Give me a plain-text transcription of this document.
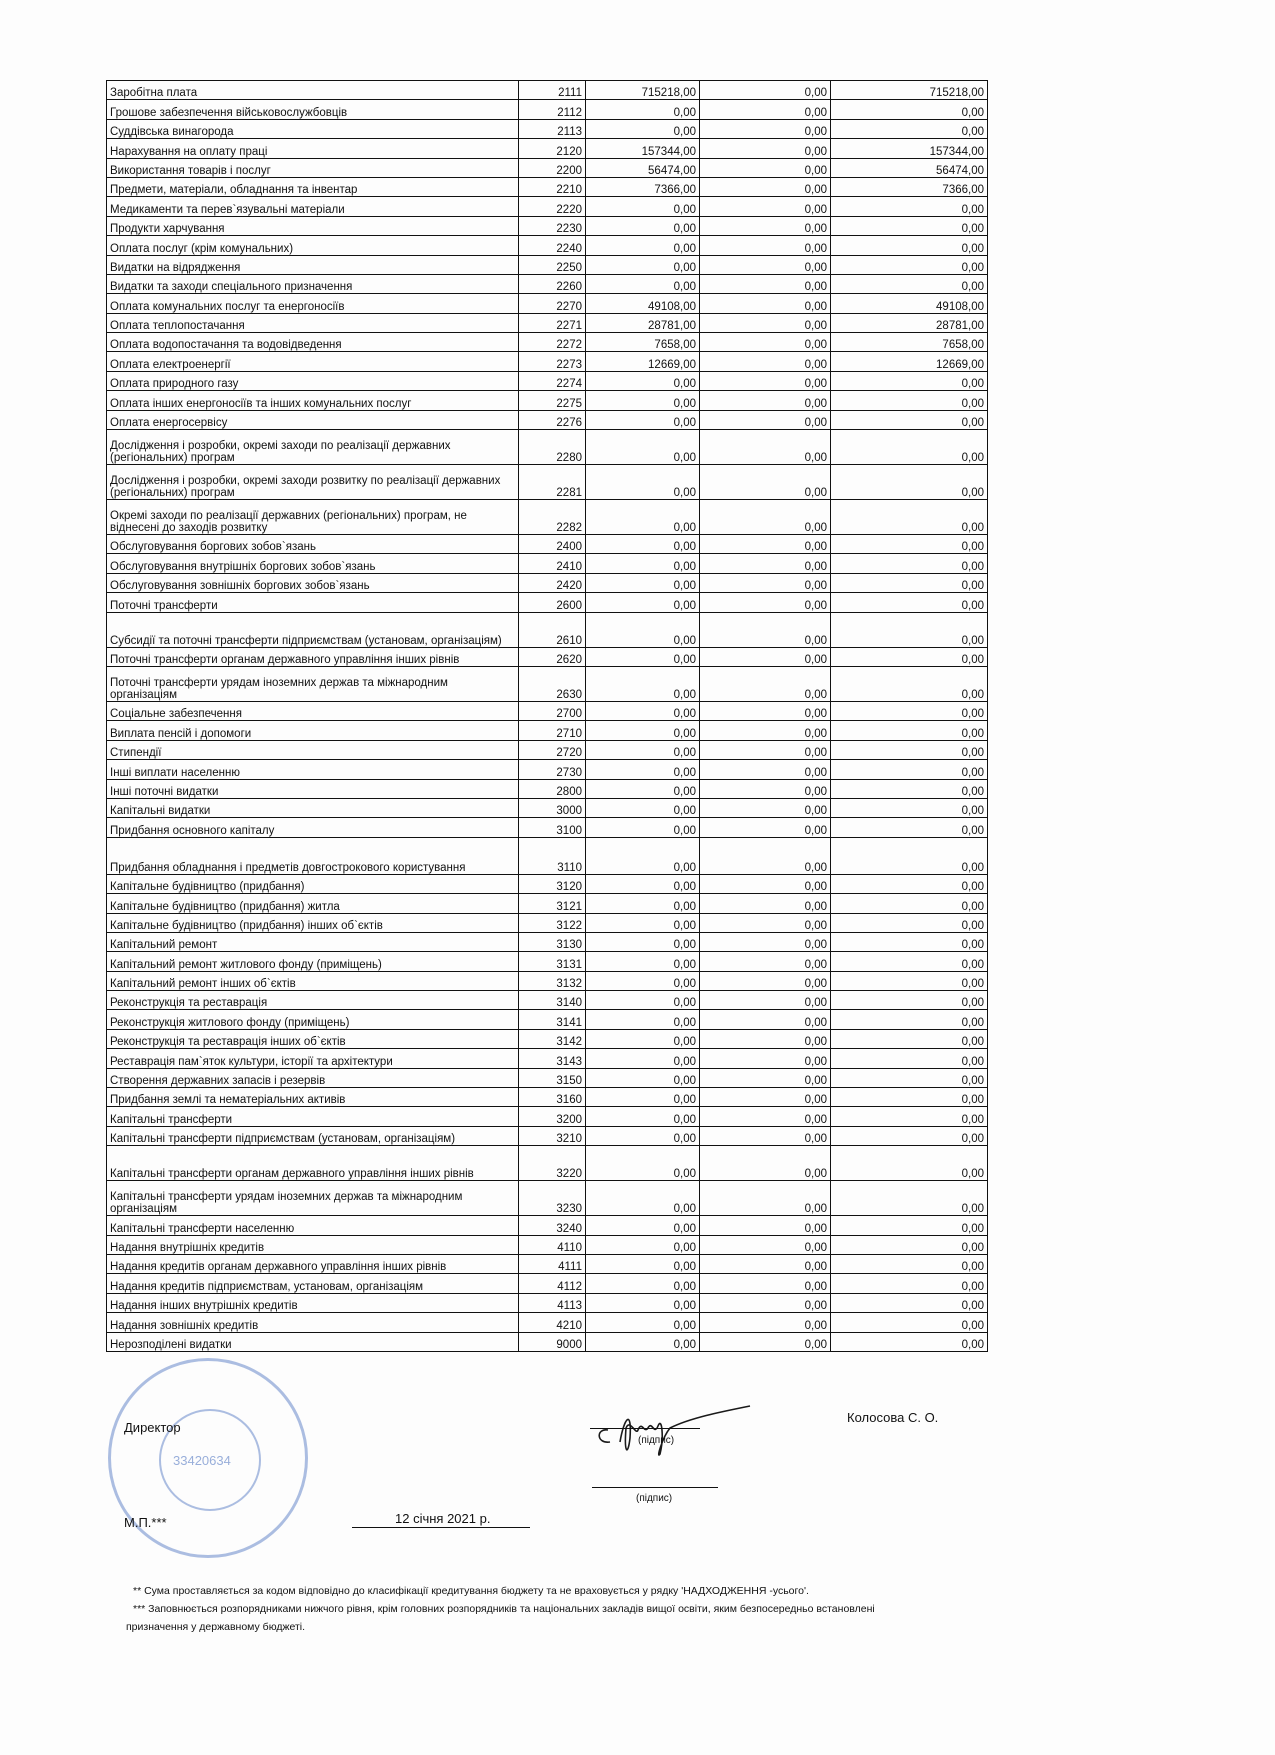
Заробітна плата	2111	715218,00	0,00	715218,00
Грошове забезпечення військовослужбовців	2112	0,00	0,00	0,00
Суддівська винагорода	2113	0,00	0,00	0,00
Нарахування на оплату праці	2120	157344,00	0,00	157344,00
Використання товарів і послуг	2200	56474,00	0,00	56474,00
Предмети, матеріали, обладнання та інвентар	2210	7366,00	0,00	7366,00
Медикаменти та перев`язувальні матеріали	2220	0,00	0,00	0,00
Продукти харчування	2230	0,00	0,00	0,00
Оплата послуг (крім комунальних)	2240	0,00	0,00	0,00
Видатки на відрядження	2250	0,00	0,00	0,00
Видатки та заходи спеціального призначення	2260	0,00	0,00	0,00
Оплата комунальних послуг та енергоносіїв	2270	49108,00	0,00	49108,00
Оплата теплопостачання	2271	28781,00	0,00	28781,00
Оплата водопостачання та водовідведення	2272	7658,00	0,00	7658,00
Оплата електроенергії	2273	12669,00	0,00	12669,00
Оплата природного газу	2274	0,00	0,00	0,00
Оплата інших енергоносіїв та інших комунальних послуг	2275	0,00	0,00	0,00
Оплата енергосервісу	2276	0,00	0,00	0,00
Дослідження і розробки, окремі заходи по реалізації державних (регіональних) програм	2280	0,00	0,00	0,00
Дослідження і розробки, окремі заходи розвитку по реалізації державних (регіональних) програм	2281	0,00	0,00	0,00
Окремі заходи по реалізації державних (регіональних) програм, не віднесені до заходів розвитку	2282	0,00	0,00	0,00
Обслуговування боргових зобов`язань	2400	0,00	0,00	0,00
Обслуговування внутрішніх боргових зобов`язань	2410	0,00	0,00	0,00
Обслуговування зовнішніх боргових зобов`язань	2420	0,00	0,00	0,00
Поточні трансферти	2600	0,00	0,00	0,00
Субсидії та поточні трансферти підприємствам (установам, організаціям)	2610	0,00	0,00	0,00
Поточні трансферти органам державного управління інших рівнів	2620	0,00	0,00	0,00
Поточні трансферти урядам іноземних держав та міжнародним організаціям	2630	0,00	0,00	0,00
Соціальне забезпечення	2700	0,00	0,00	0,00
Виплата пенсій і допомоги	2710	0,00	0,00	0,00
Стипендії	2720	0,00	0,00	0,00
Інші виплати населенню	2730	0,00	0,00	0,00
Інші поточні видатки	2800	0,00	0,00	0,00
Капітальні видатки	3000	0,00	0,00	0,00
Придбання основного капіталу	3100	0,00	0,00	0,00
Придбання обладнання і предметів довгострокового користування	3110	0,00	0,00	0,00
Капітальне будівництво (придбання)	3120	0,00	0,00	0,00
Капітальне будівництво (придбання) житла	3121	0,00	0,00	0,00
Капітальне будівництво (придбання) інших об`єктів	3122	0,00	0,00	0,00
Капітальний ремонт	3130	0,00	0,00	0,00
Капітальний ремонт житлового фонду (приміщень)	3131	0,00	0,00	0,00
Капітальний ремонт інших об`єктів	3132	0,00	0,00	0,00
Реконструкція та реставрація	3140	0,00	0,00	0,00
Реконструкція житлового фонду (приміщень)	3141	0,00	0,00	0,00
Реконструкція та реставрація інших об`єктів	3142	0,00	0,00	0,00
Реставрація пам`яток культури, історії та архітектури	3143	0,00	0,00	0,00
Створення державних запасів і резервів	3150	0,00	0,00	0,00
Придбання землі та нематеріальних активів	3160	0,00	0,00	0,00
Капітальні трансферти	3200	0,00	0,00	0,00
Капітальні трансферти підприємствам (установам, організаціям)	3210	0,00	0,00	0,00
Капітальні трансферти органам державного управління інших рівнів	3220	0,00	0,00	0,00
Капітальні трансферти урядам іноземних держав та міжнародним організаціям	3230	0,00	0,00	0,00
Капітальні трансферти населенню	3240	0,00	0,00	0,00
Надання внутрішніх кредитів	4110	0,00	0,00	0,00
Надання кредитів органам державного управління інших рівнів	4111	0,00	0,00	0,00
Надання кредитів підприємствам, установам, організаціям	4112	0,00	0,00	0,00
Надання інших внутрішніх кредитів	4113	0,00	0,00	0,00
Надання зовнішніх кредитів	4210	0,00	0,00	0,00
Нерозподілені видатки	9000	0,00	0,00	0,00
33420634
Директор
(підпис)
Колосова С. О.
(підпис)
М.П.***	12 січня 2021 р.
** Сума проставляється за кодом відповідно до класифікації кредитування бюджету та не враховується у рядку 'НАДХОДЖЕННЯ -усього'.
*** Заповнюється розпорядниками нижчого рівня, крім головних розпорядників та національних закладів вищої освіти, яким безпосередньо встановлені
призначення у державному бюджеті.
